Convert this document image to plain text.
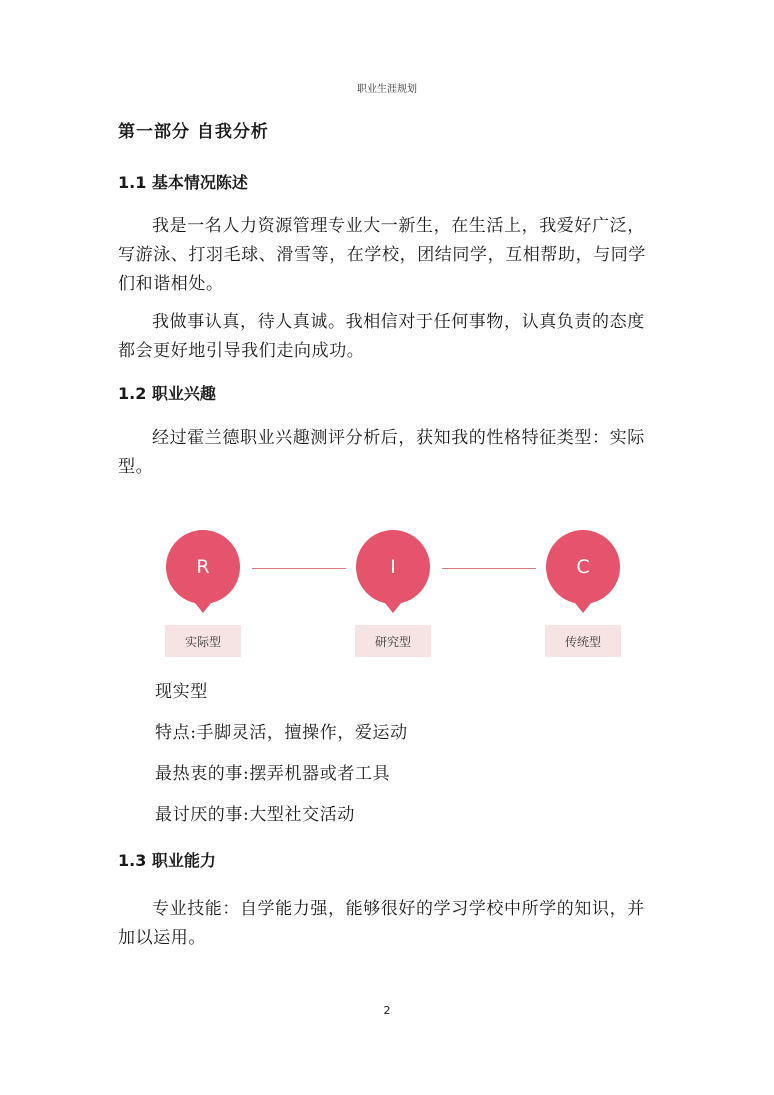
职业生涯规划
第一部分 自我分析
1.1 基本情况陈述

我是一名人力资源管理专业大一新生，在生活上，我爱好广泛，写游泳、打羽毛球、滑雪等，在学校，团结同学，互相帮助，与同学们和谐相处。

我做事认真，待人真诚。我相信对于任何事物，认真负责的态度都会更好地引导我们走向成功。

1.2 职业兴趣

经过霍兰德职业兴趣测评分析后，获知我的性格特征类型：实际型。

R
实际型
I
研究型
C
传统型
现实型
特点:手脚灵活，擅操作，爱运动
最热衷的事:摆弄机器或者工具
最讨厌的事:大型社交活动
1.3 职业能力

专业技能：自学能力强，能够很好的学习学校中所学的知识，并加以运用。

2
